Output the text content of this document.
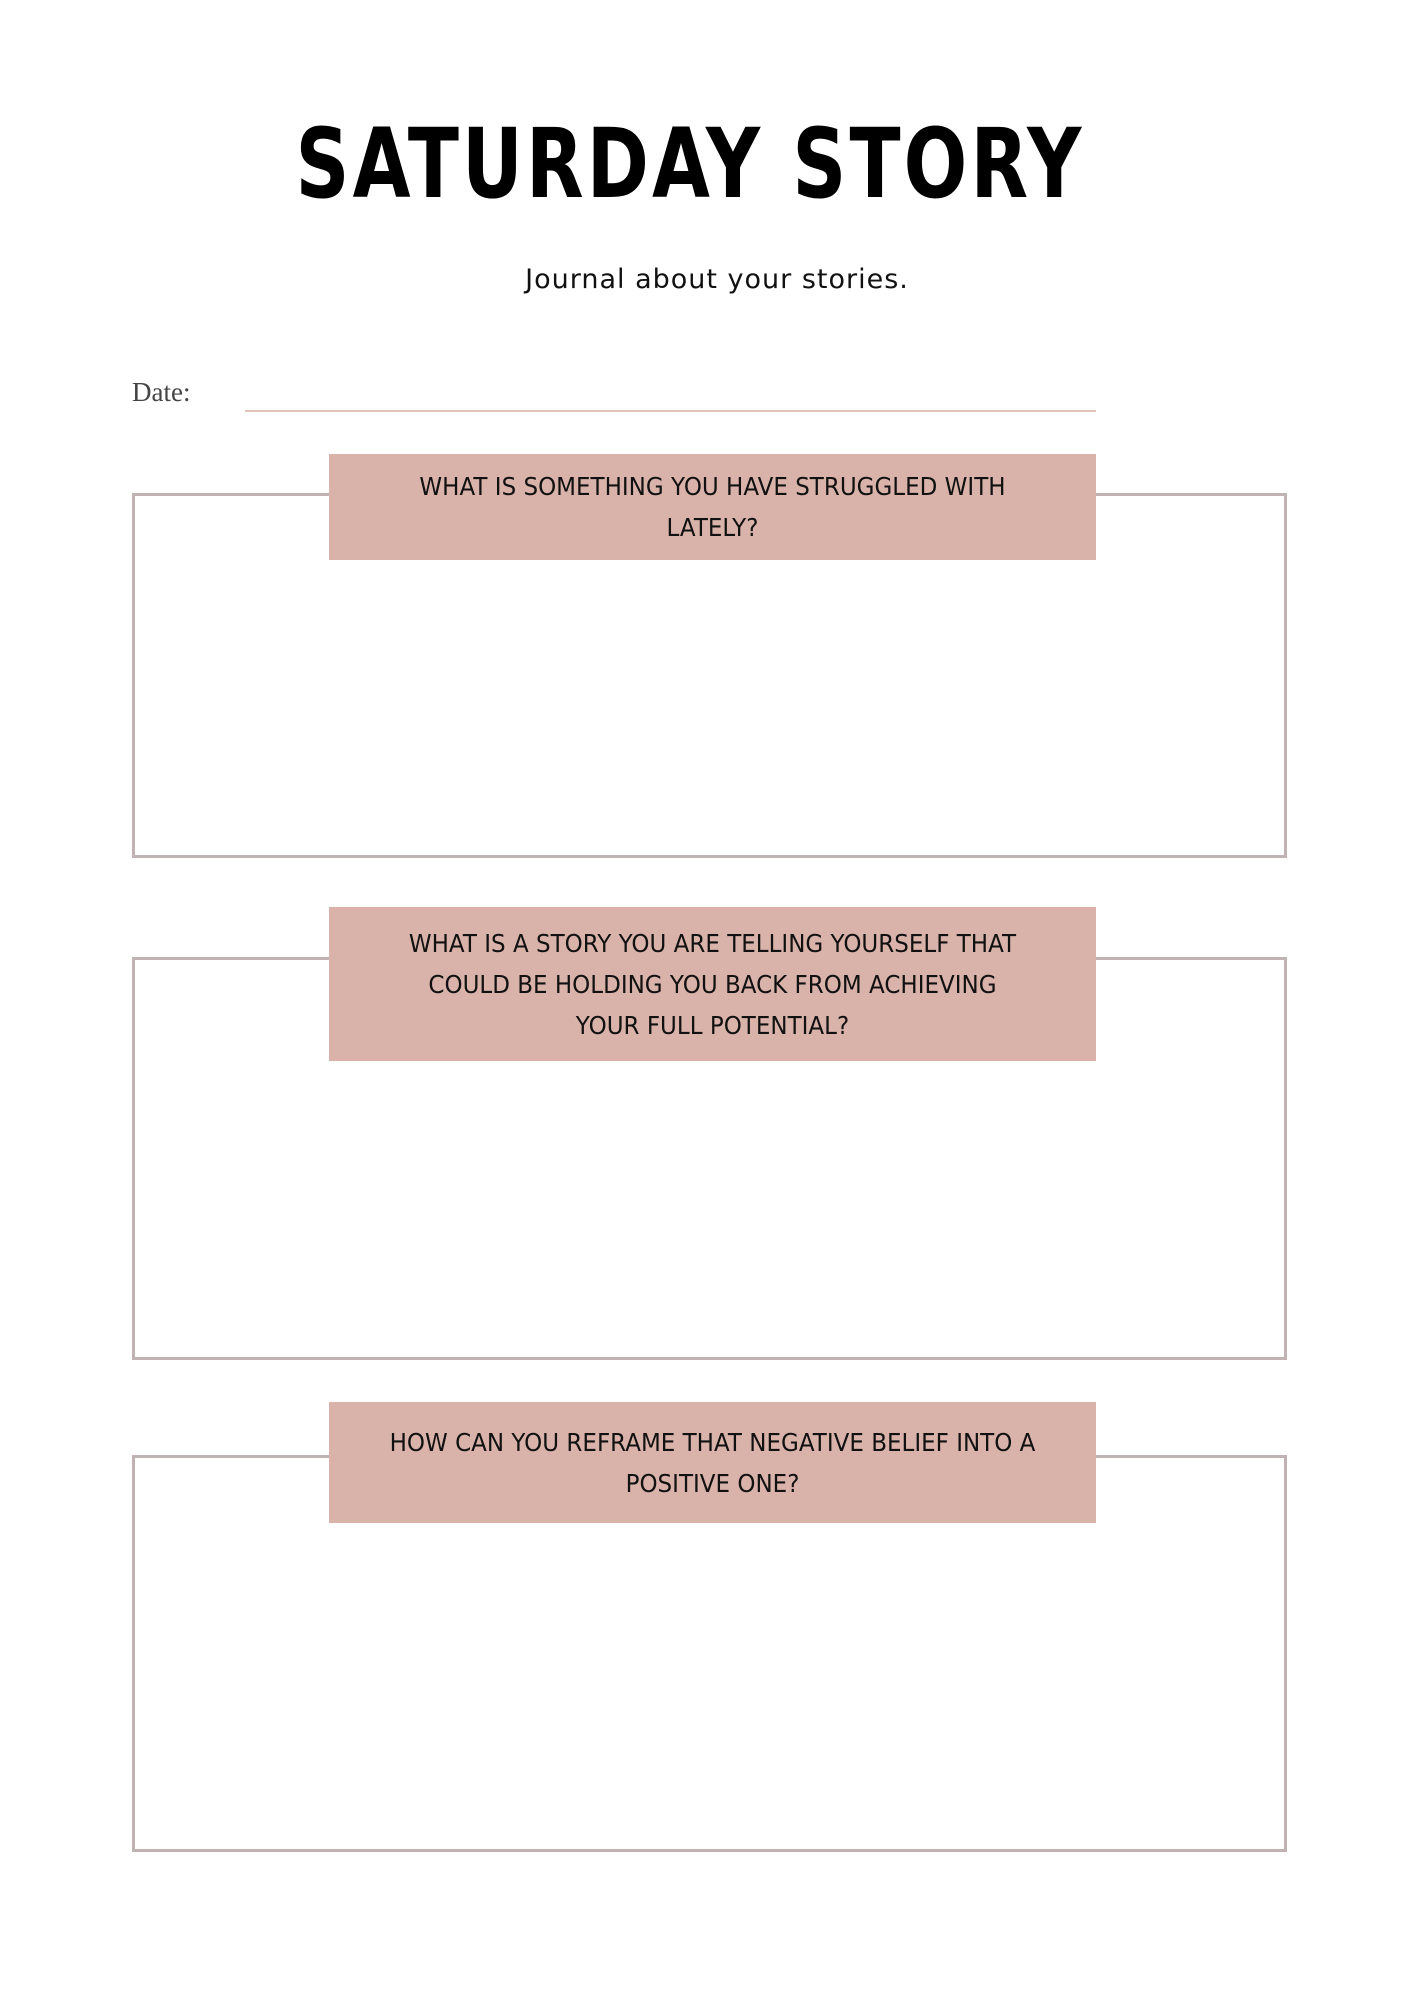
SATURDAY STORY
Journal about your stories.
Date:
WHAT IS SOMETHING YOU HAVE STRUGGLED WITH LATELY?
WHAT IS A STORY YOU ARE TELLING YOURSELF THAT COULD BE HOLDING YOU BACK FROM ACHIEVING YOUR FULL POTENTIAL?
HOW CAN YOU REFRAME THAT NEGATIVE BELIEF INTO A POSITIVE ONE?
